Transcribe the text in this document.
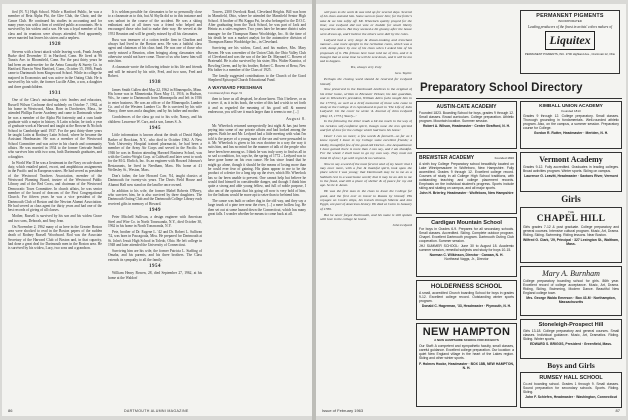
fied (N. Y.) High School. While a Hartford Public, he was a member of Beta Alpha Phi, the Glee Club, the Choir, and the Canoe Club. He continued his studies in accounting and for many years was with a firm of certified public accountants. He is survived by his widow and a son. He was a loyal member of his class and its reunions were always attended. Fred apparently never married but leaves his sisters and a nephew.

1928

Stevens with a heart attack while leaving work, Frank Joseph Burke died December 11 in Hartford, Conn. He lived at 96 Tunxis Ave. in Bloomfield, Conn. For the past thirty years he had been an underwriter for the Aetna Casualty & Surety Co. in Hartford. Born in West Hartford, Conn., October 15, 1906, Frank came to Dartmouth from Kingswood School. While in college he majored in Economics and was active in the Outing Club. He is survived by his wife, the former Lucille Allen, a son, a daughter and three grandchildren.

1931

One of the Class's outstanding civic leaders and educators, Russell Wilson Cochrane died suddenly on October 7, 1962, at his home in Westwood, Mass. Born in Dorchester, Mass., he attended Phillips Exeter Academy and came to Dartmouth where he was a member of the Alpha Phi fraternity and a cum laude graduate with a major in history. A Latin scholar, he took a year of graduate work at Harvard and taught at the Browne & Nichols School in Cambridge until 1937. For the past thirty-three years he taught Latin at Roxbury Latin School, where he became the Assistant Headmaster. He was a member of the Westwood School Committee and was active in his church and community affairs. He was married in 1934 to the former Gertrude Smith who survives him with two sons, both Dartmouth graduates, and a daughter.

In World War II he was a lieutenant in the Navy on sub-chaser duty, which entailed patrol, escort, and amphibious assignments in the Pacific and in European waters. He had served as president of the Westwood Teachers Association, member of the Westwood Planning Board, trustee of the Westwood Public Library and of the Red Cross, and chairman of the Westwood Democratic Town Committee. In church affairs, he was senior member of the board of deacons of the First Congregational Church. For fifteen years he was a vice president of the Dartmouth Club of Boston and the Newton Alumni Association. He had served as class agent for thirty years and had one of the best records of giving of all classes.

Mother, Russell is survived by his son and his widow Grace and two sons, Deborah, and Amy Jean.

On November 2, 1962 many of us here in the Greater Boston area were shocked to read in the Boston papers of the sudden death of Rodney Russell Woodward. Rod was the Associate Secretary of the Harvard Club of Boston and, in that capacity, had done a great deal for Dartmouth men in the Boston area. He is survived by his widow, Lucy, two sons and a grandson.

It is seldom possible for classmates to be so personally close to a classmate as to this, but Al Shylla did so in this instance and was unhurt in the course of the accident. He was a skiing enthusiast and at all times was a friend who helped and encouraged those who had to make their way. He served at the 1931 Reunion and will be greatly missed by all his classmates.

Russ was treasurer of a cotton textile firm in Charlton and always had lived in the Boston area. He was a faithful class agent and chairman of his class fund. He was one of those who rarely missed a Reunion, often bringing along classmates who otherwise would not have come. Those of us who knew him will miss him.

A classmate wrote the following tribute to his life and friends and will be missed by his wife, Fred, and two sons, Fred and Robert.

1938

James Smith Cullen died May 22, 1962 in Minneapolis, Minn. His home was in Minnetonka. Born May 11, 1916, in Hudson, Wis., he came to Dartmouth from Minneapolis and left in 1936 to enter business. He was an officer of the Minneapolis Lumber Co. and of the Western Lumber Co. He is survived by his wife Nancy, three sons and a daughter, and by his father and mother.

Condolences of the class go out to his wife, Nancy, and his children: Lawrence W. Carr, and a son, James S. Jr.

1945

Little information is known about the death of David Ralph Barker of Brockton, N.Y., who died in October 1962. A New York University Hospital trained pharmacist, he had been a member of the Army Air Corps and served in the Pacific. In 1946 he was in Boston attending Harvard Business School, was with the Curtiss-Wright Corp. at Caldwell and later went to work for the M.G. Ehrlich, Inc. As an engineer with Howard Johnson's Restaurants, he lived in Needham, Mass. His home at 41 Wellesley St., Weston, Mass.

Don's father, the late Howard Carr, '04, taught classics at Dartmouth for twenty-six years. The Davis Field House and Alumni Hall now stand on the land he once owned.

In addition to his wife, the former Mabel Roberts O'Berry, who survives him, he is also survived by three daughters. The Dartmouth Outing Club and the Dartmouth College Library each received gifts in memory of Howard.

1949

Peter Mitchell Sullivan, a design engineer with American Steel and Wire Co. in North Tonawanda, N.Y., died October 30, 1962 in his home in North Tonawanda, N.Y.

Pete, brother of Dr. Eugene L. '42 and Dr. Robert L. Sullivan '52, was born in Pascagoula, Miss. He prepared for Dartmouth at St. John's Jesuit High School in Toledo, Ohio. He left college in 1948 and later attended the University of Connecticut.

Surviving him are his wife, the former Patricia L. Staffing of Omaha, and his parents, and his three brothers. The Class extends its sympathy to all the family.

1954

William Henry Bowen, 28, died September 27, 1962, at his home at the Waldorf

Towers, 2300 Overlook Road, Cleveland Heights. Bill was born in Mansfield, Ohio, where he attended the Mansfield Senior High School. A brother of Phi Kappa Psi, he also belonged to the D.O.C. After graduating from the Tuck School, he was part of Jack and Heintz as a sales engineer. Two years later he became district sales manager for the Thompson Ramo Wooldridge, Inc. At the time of his death he was a market analyst for the automotive division of Thompson Ramo Wooldridge Inc., in Cleveland.

Surviving are his widow, Carol, and his mother, Mrs. Mary Bowen. He was a member of the Union Club, the Ohio Valley Club of Cleveland and was the son of the late Dr. Maynard C. Bowen of Bratenahl. He is also survived by his sister, Mrs. Walter Kusnicz, of Bowling Green, and by his brother, Robert C. Bowen of Reno, Nev. His father is a member of the Class of 1925.

The family suggested contributions to the Church of the Good Shepherd Episcopal Church Educational Fund.

A WAYWARD FRESHMAN
Continued from Page 31

then to have us all despised, he alone knew. This I believe, or as it were: if, as it in his book, the writer of this had a wish to set forth it and as regarded the meaning of his good will & earnest endeavour, you will see it much larger than it seems to me. [...]

August 8.

Mr. Wheelock returned unexpectedly last night & has just been prying into some of our private affairs and had looked among the papers. Both he and Mr. Ledyard had a little meeting with what I'm told is the prayer of a young man of the sea and were persuaded to it. Mr. Wheelock is given to his own doctrine in a way the way it suits him, and has no mind for the manner of talk of the people who have been here among us. I think he was truly sorry to find us all in so sad a condition, for, says he, the spring of 1772 – Ledyard was to have gone home on his own canoe. He has since found that he might go alone, though it should be the means of losing more than he could ever fear of gaining. His plans appear to me to be the product of a desire for a long trip up the river, which Mr. Wheelock has so far been unable to prevent. One cannot help but believe he would find himself in considerable danger, and though I think him quite a strong and able young fellow, and full of noble purpose, I also am of the opinion that his going off now is very bold of him, for the Indians would be more apt to seize than to befriend him.

The canoe was built or rather dug in the old way, and they say a large trunk of a pine tree near the river, [...] a mere hollow log. He then set out at some hazard down the Connecticut, which has many great falls. I wonder whether he means to come back at all.

86	DARTMOUTH ALUMNI MAGAZINE

will pass to the work & was told up for several days. Several of his class assisted him. Some seem to favor him; for the frolic's sake & we him softly off. Mr. Wheelock quietly prayed for the time; one Ledyard did not vote or buddle for small liberty beyond the others. But they seemed a bit gloomy after the house were drawn up, and I believe the others were dull by the rules.

Ledyard had a very large & drawn-looking and trenchant manner—one more upright in the recitation room, which was a cold, damp place by one of his class when I asked him of his proposals of it. His fellows here have told me of him, and it is thought that at some time he will be sent down, and it will be too sad to happen.

Yes, always very truly

Geo. Taylor.

Perhaps the closing word should be reserved for Ledyard himself.

Now preserved in the Dartmouth Archives is the original of his letter home, written to Ebenezer Tickner, his late guardian, and to Wheelock's president, William Allen (who taught him in the 1770's), as well as a brief memorial of those who came to study at the College. It is reproduced in part in 'The Life of John Ledyard'. On the cover he wrote 'A Journal of John Ledyard [May 13, 1773.] Yearly...'

In the following the letter reads a bit too much in the way of his reckless self-confident spirit, though none the less spirited and full of love for the college which had been his home:

Dear! I can no more; a few words & farewell—so far as I know myself I leave in my College some excellent friends; a kindly, thoughtful few of the good old Doctor—the Acquaintance I have gained there is more than I can say, and I am thankful. For the whole I shall have to go my own way. They must not think ill of me; I go with regret & no rashness.

Now to say a word of the most fervent wish of my heart: that I may once more, with a free & thankful spirit, look upon the place where I was young; that Dartmouth may be to me as a Sabbath rest in a wearisome world; that it may be an Ark to me in the flood, and still a place of shelter & of peace for my old age. So be it. Amen.

He was the first man in the class to leave the College for good, and the first ever to travel to Russia by himself. His voyages on Cook's ships, his travels through Siberia and into Egypt, are part of American history. He died at Cairo in January of 1789.

But he never forgot Dartmouth, and his name is still spoken with love in the college he loved.

John Ledyard

Issue of February 1963	87
PERMANENT PIGMENTS
INCORPORATED
Leading producers of the finest in artists' colors makers of
Liquitex
PERMANENT PIGMENTS, INC. 2700 Highland Ave., Cincinnati 12, Ohio
Preparatory School Directory
AUSTIN-CATE ACADEMY
Founded 1823. Boarding School for boys, grades 9 through 12. Small classes. Broad curriculum. College preparation. Athletic program. Mountain location. Summer session.
Robert A. Wilson, Headmaster · Center Strafford, N. H.
BREWSTER ACADEMY	Founded 1820
A sixth boy College Preparatory school beautifully located on Lake Winnipesaukee in Wolfeboro, New Hampshire. Fully accredited. Grades 9 through 12. Excellent college record. Courses of study in all College High School traditions, with outstanding teaching and college placement records. Emphasis on the individual student's progress. Sports include skiing and skating on campus, and all major sports.
John H. Brierley, Headmaster · Wolfeboro, New Hampshire
Cardigan Mountain School
For boys in Grades 6-9. Prepares for all secondary schools. Small classes. Accredited. Skiing. Complete outdoor program. Chapel. Excellent Dartmouth program. Dartmouth Outing Club cooperation. Summer session.
JHJ SUMMER SCHOOL: June 30 to August 18. Academic summer session, remedial subjects and study for boys 10-15.
Norman C. Wilkinson, Director · Canaan, N. H.
Northeast Vaggs, Jr., Director
HOLDERNESS SCHOOL
A small, accredited Church boarding School for boys in grades 9-12. Excellent college record. Outstanding winter sports program.
Donald C. Hagerman, '33, Headmaster · Plymouth, N. H.
NEW HAMPTON
A NEW HAMPSHIRE SCHOOL FOR 300 BOYS
Our Staff: A competent and sympathetic faculty, small classes, careful guidance. Excellent college preparation. Our location: a quiet New England village in the heart of the Lakes region. Skiing and other winter sports.
F. Holmes Hooke, Headmaster · BOX 18B, NEW HAMPTON, N. H.
KIMBALL UNION ACADEMY
Founded 1813
Grades 9 through 12. College preparatory. Small classes. Thorough grounding in fundamentals. Well-rounded athletic program. Also, on the campus, a summer session. Preparatory course for College.
Gordon R. Rutter, Headmaster · Meriden, N. H.
Vermont Academy
Grades 9-12. Fully accredited. Graduates in leading colleges. Broad activities program. Winter sports. Skiing on campus.
Laurence G. Leavitt, Headmaster · Saxtons River, Vermont
Girls
THE
CHAPEL HILL
Girls grades 7-12 & post graduate. College preparatory and general courses. Intensive cultural program. Music, Art, Drama. Riding. Skiing. Swimming. Riding lessons. Near Boston.
Wilfred G. Clark, '29, Principal · 327 Lexington St., Waltham, Mass.
Mary A. Burnham
College preparatory boarding school for girls. 86th year. Excellent record of college acceptance. Music, Art, Drama. Riding, Skiing, Swimming, Modern Dance. Beautiful New England college town.
Mrs. George Waldo Emerson · Box 43-M · Northampton, Massachusetts
Stoneleigh-Prospect Hill
Girls 13-18. College preparatory and general courses. Small classes. Individual guidance. Music, Art, Dramatics. Riding. Skiing. Winter sports.
EDWARD S. BRIGGS, President · Greenfield, Mass.
Boys and Girls
RUMSEY HALL SCHOOL
Co-ed boarding school. Grades 1 through 9. Small classes. Sound preparation for secondary schools. Sports. Riding. Skiing.
John F. Schiefen, Headmaster · Washington, Connecticut
